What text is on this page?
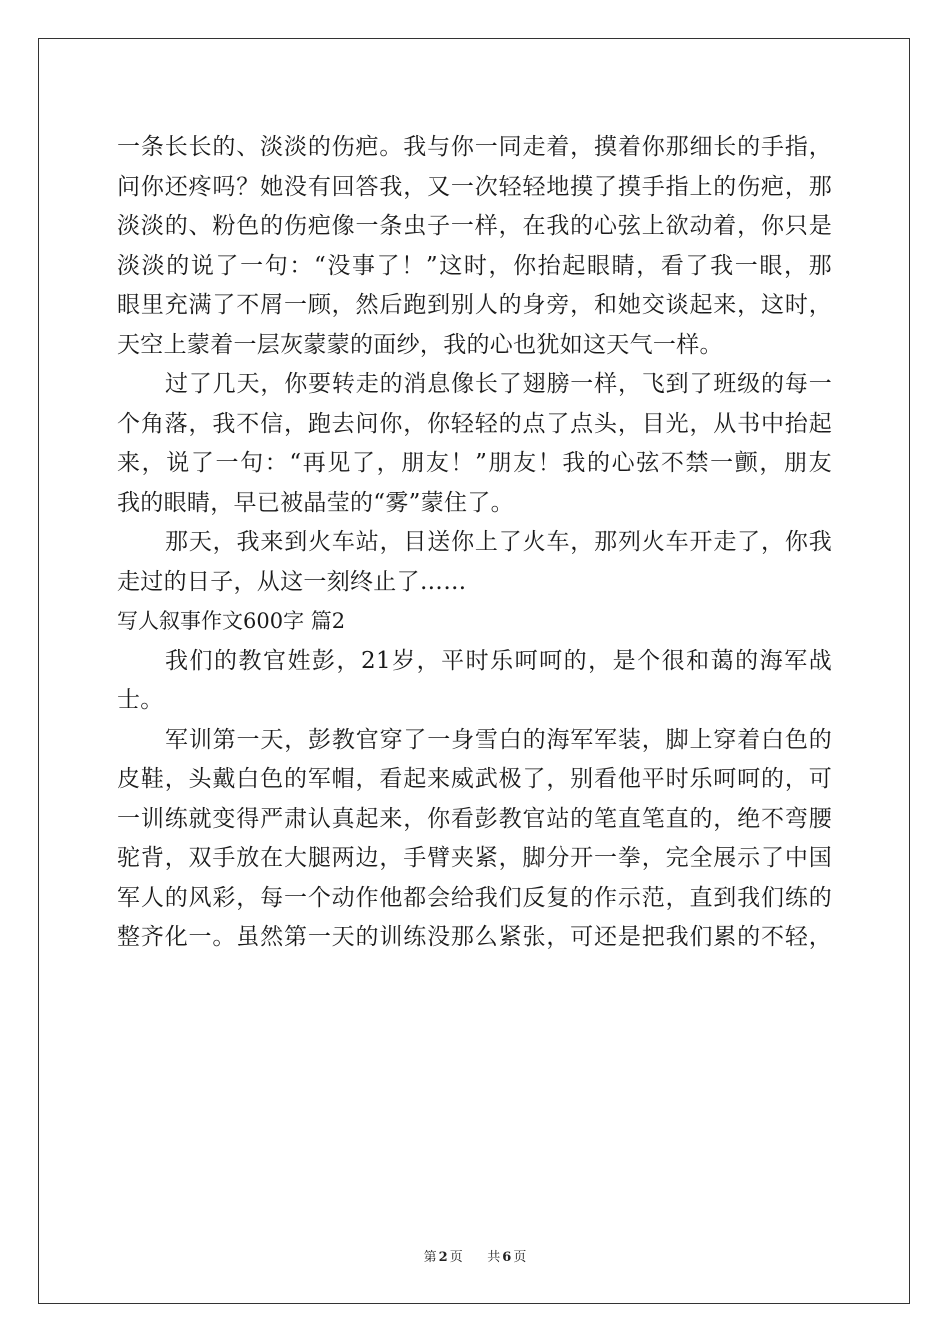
一条长长的、淡淡的伤疤。我与你一同走着，摸着你那细长的手指，
问你还疼吗？她没有回答我，又一次轻轻地摸了摸手指上的伤疤，那
淡淡的、粉色的伤疤像一条虫子一样，在我的心弦上欲动着，你只是
淡淡的说了一句：“没事了！”这时，你抬起眼睛，看了我一眼，那
眼里充满了不屑一顾，然后跑到别人的身旁，和她交谈起来，这时，
天空上蒙着一层灰蒙蒙的面纱，我的心也犹如这天气一样。
过了几天，你要转走的消息像长了翅膀一样，飞到了班级的每一
个角落，我不信，跑去问你，你轻轻的点了点头，目光，从书中抬起
来，说了一句：“再见了，朋友！”朋友！我的心弦不禁一颤，朋友
我的眼睛，早已被晶莹的“雾”蒙住了。
那天，我来到火车站，目送你上了火车，那列火车开走了，你我
走过的日子，从这一刻终止了……
写人叙事作文600字 篇2
我们的教官姓彭，21岁，平时乐呵呵的，是个很和蔼的海军战
士。
军训第一天，彭教官穿了一身雪白的海军军装，脚上穿着白色的
皮鞋，头戴白色的军帽，看起来威武极了，别看他平时乐呵呵的，可
一训练就变得严肃认真起来，你看彭教官站的笔直笔直的，绝不弯腰
驼背，双手放在大腿两边，手臂夹紧，脚分开一拳，完全展示了中国
军人的风彩，每一个动作他都会给我们反复的作示范，直到我们练的
整齐化一。虽然第一天的训练没那么紧张，可还是把我们累的不轻，
第 2 页 共 6 页
